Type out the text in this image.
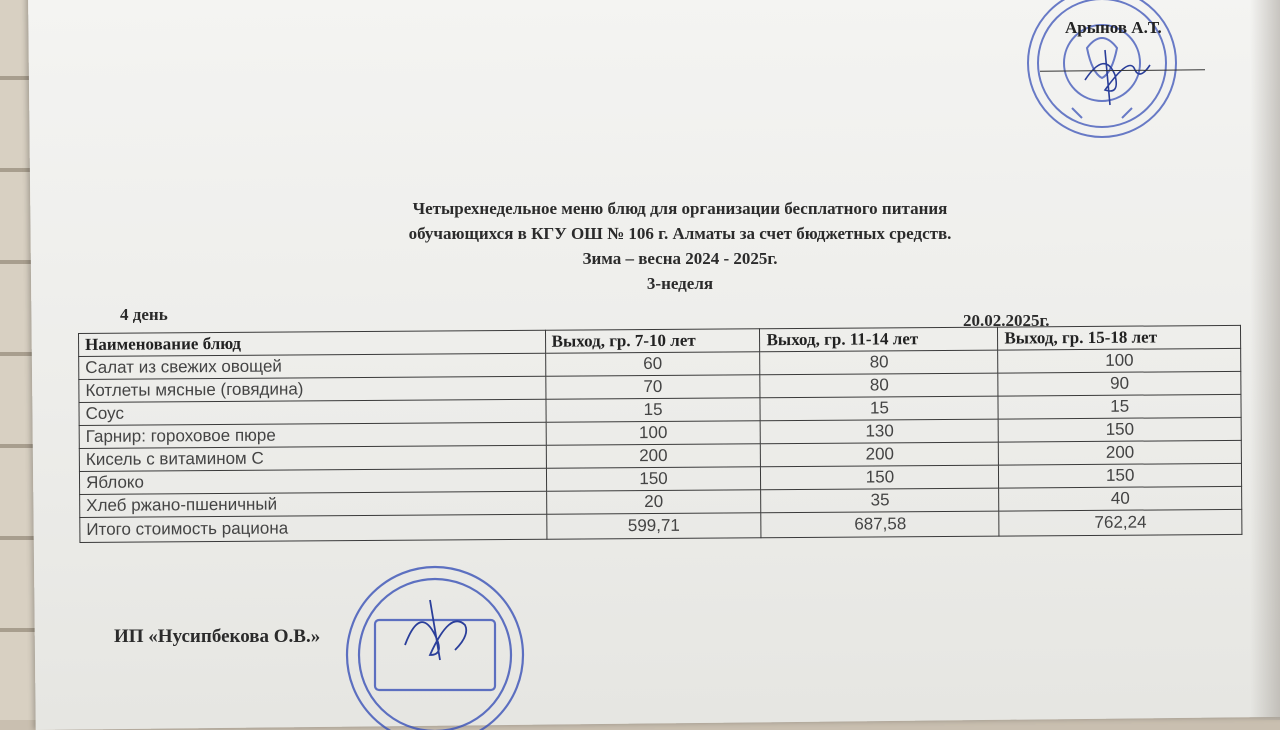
Арынов А.Т.
Четырехнедельное меню блюд для организации бесплатного питания
обучающихся в КГУ ОШ № 106 г. Алматы за счет бюджетных средств.
Зима – весна 2024 - 2025г.
3-неделя
4 день	20.02.2025г.
Наименование блюд	Выход, гр. 7-10 лет	Выход, гр. 11-14 лет	Выход, гр. 15-18 лет
Салат из свежих овощей	60	80	100
Котлеты мясные (говядина)	70	80	90
Соус	15	15	15
Гарнир: гороховое пюре	100	130	150
Кисель с витамином С	200	200	200
Яблоко	150	150	150
Хлеб ржано-пшеничный	20	35	40
Итого стоимость рациона	599,71	687,58	762,24
ИП «Нусипбекова О.В.»
